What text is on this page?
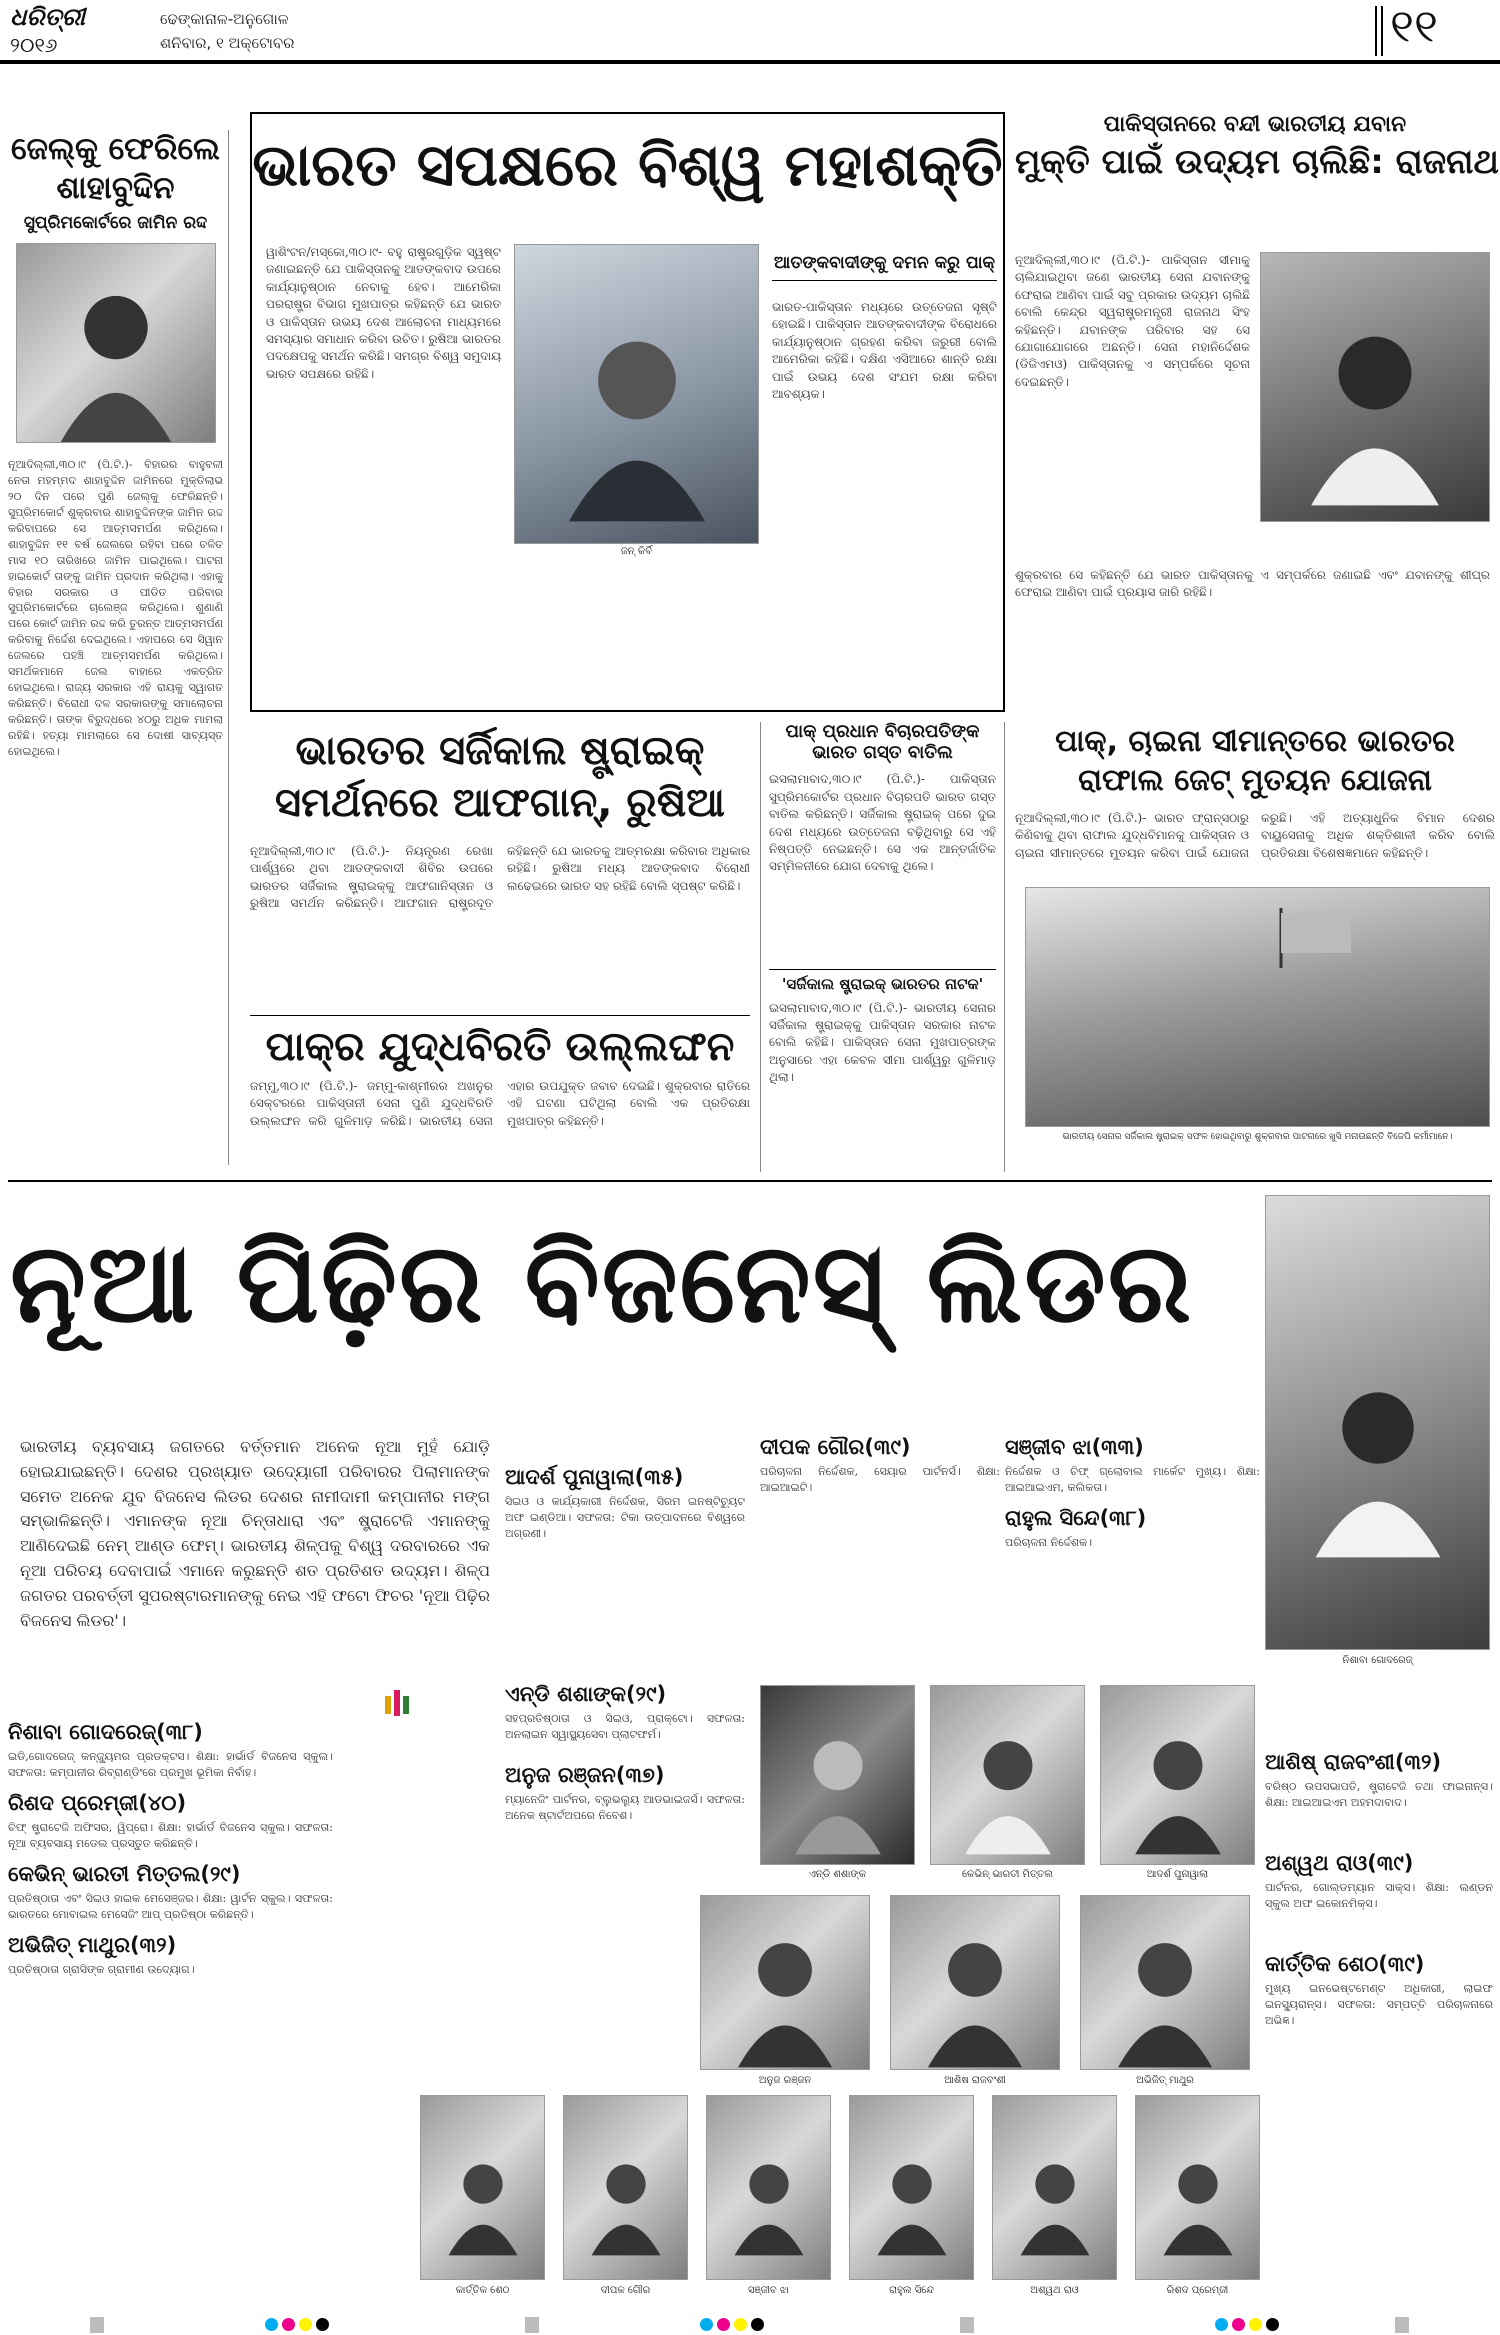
ଧରିତ୍ରୀ
୨୦୧୬
ଢେଙ୍କାନାଳ-ଅନୁଗୋଳ
ଶନିବାର, ୧ ଅକ୍ଟୋବର	୧୧
ଜେଲ୍‌କୁ ଫେରିଲେ ଶାହାବୁଦ୍ଦିନ
ସୁପ୍ରିମକୋର୍ଟରେ ଜାମିନ ରଦ୍ଦ
ନୂଆଦିଲ୍ଲୀ,୩୦।୯ (ପି.ଟି.)- ବିହାରର ବାହୁବଳୀ ନେତା ମହମ୍ମଦ ଶାହାବୁଦ୍ଦିନ ଜାମିନରେ ମୁକ୍ତିଲାଭ ୨୦ ଦିନ ପରେ ପୁଣି ଜେଲ୍‌କୁ ଫେରିଛନ୍ତି। ସୁପ୍ରିମକୋର୍ଟ ଶୁକ୍ରବାର ଶାହାବୁଦ୍ଦିନଙ୍କ ଜାମିନ ରଦ୍ଦ କରିବାପରେ ସେ ଆତ୍ମସମର୍ପଣ କରିଥିଲେ। ଶାହାବୁଦ୍ଦିନ ୧୧ ବର୍ଷ ଜେଲରେ ରହିବା ପରେ ଚଳିତ ମାସ ୧୦ ତାରିଖରେ ଜାମିନ ପାଇଥିଲେ। ପାଟନା ହାଇକୋର୍ଟ ତାଙ୍କୁ ଜାମିନ ପ୍ରଦାନ କରିଥିଲା। ଏହାକୁ ବିହାର ସରକାର ଓ ପୀଡିତ ପରିବାର ସୁପ୍ରିମକୋର୍ଟରେ ଚାଲେଞ୍ଜ କରିଥିଲେ। ଶୁଣାଣି ପରେ କୋର୍ଟ ଜାମିନ ରଦ୍ଦ କରି ତୁରନ୍ତ ଆତ୍ମସମର୍ପଣ କରିବାକୁ ନିର୍ଦ୍ଦେଶ ଦେଇଥିଲେ। ଏହାପରେ ସେ ସିୱାନ ଜେଲରେ ପହଞ୍ଚି ଆତ୍ମସମର୍ପଣ କରିଥିଲେ। ସମର୍ଥକମାନେ ଜେଲ ବାହାରେ ଏକତ୍ରିତ ହୋଇଥିଲେ। ରାଜ୍ୟ ସରକାର ଏହି ରାୟକୁ ସ୍ୱାଗତ କରିଛନ୍ତି। ବିରୋଧୀ ଦଳ ସରକାରଙ୍କୁ ସମାଲୋଚନା କରିଛନ୍ତି। ତାଙ୍କ ବିରୁଦ୍ଧରେ ୪୦ରୁ ଅଧିକ ମାମଲା ରହିଛି। ହତ୍ୟା ମାମଲାରେ ସେ ଦୋଷୀ ସାବ୍ୟସ୍ତ ହୋଇଥିଲେ।
ଭାରତ ସପକ୍ଷରେ ବିଶ୍ୱ ମହାଶକ୍ତି
ୱାଶିଂଟନ/ମସ୍କୋ,୩୦।୯- ବହୁ ରାଷ୍ଟ୍ରଗୁଡ଼ିକ ସ୍ୱଷ୍ଟ ଜଣାଇଛନ୍ତି ଯେ ପାକିସ୍ତାନକୁ ଆତଙ୍କବାଦ ଉପରେ କାର୍ଯ୍ୟାନୁଷ୍ଠାନ ନେବାକୁ ହେବ। ଆମେରିକା ପରରାଷ୍ଟ୍ର ବିଭାଗ ମୁଖପାତ୍ର କହିଛନ୍ତି ଯେ ଭାରତ ଓ ପାକିସ୍ତାନ ଉଭୟ ଦେଶ ଆଲୋଚନା ମାଧ୍ୟମରେ ସମସ୍ୟାର ସମାଧାନ କରିବା ଉଚିତ। ରୁଷିଆ ଭାରତର ପଦକ୍ଷେପକୁ ସମର୍ଥନ କରିଛି। ସମଗ୍ର ବିଶ୍ୱ ସମୁଦାୟ ଭାରତ ସପକ୍ଷରେ ରହିଛି।
ଜନ୍ କିର୍ବି
ଆତଙ୍କବାଦୀଙ୍କୁ ଦମନ କରୁ ପାକ୍
ଭାରତ-ପାକିସ୍ତାନ ମଧ୍ୟରେ ଉତ୍ତେଜନା ସୃଷ୍ଟି ହୋଇଛି। ପାକିସ୍ତାନ ଆତଙ୍କବାଦୀଙ୍କ ବିରୋଧରେ କାର୍ଯ୍ୟାନୁଷ୍ଠାନ ଗ୍ରହଣ କରିବା ଜରୁରୀ ବୋଲି ଆମେରିକା କହିଛି। ଦକ୍ଷିଣ ଏସିଆରେ ଶାନ୍ତି ରକ୍ଷା ପାଇଁ ଉଭୟ ଦେଶ ସଂଯମ ରକ୍ଷା କରିବା ଆବଶ୍ୟକ।
ପାକିସ୍ତାନରେ ବନ୍ଦୀ ଭାରତୀୟ ଯବାନ
ମୁକ୍ତି ପାଇଁ ଉଦ୍ୟମ ଚାଲିଛି: ରାଜନାଥ
ନୂଆଦିଲ୍ଲୀ,୩୦।୯ (ପି.ଟି.)- ପାକିସ୍ତାନ ସୀମାକୁ ଚାଲିଯାଇଥିବା ଜଣେ ଭାରତୀୟ ସେନା ଯବାନଙ୍କୁ ଫେରାଇ ଆଣିବା ପାଇଁ ସବୁ ପ୍ରକାର ଉଦ୍ୟମ ଚାଲିଛି ବୋଲି କେନ୍ଦ୍ର ସ୍ୱରାଷ୍ଟ୍ରମନ୍ତ୍ରୀ ରାଜନାଥ ସିଂହ କହିଛନ୍ତି। ଯବାନଙ୍କ ପରିବାର ସହ ସେ ଯୋଗାଯୋଗରେ ଅଛନ୍ତି। ସେନା ମହାନିର୍ଦ୍ଦେଶକ (ଡିଜିଏମଓ) ପାକିସ୍ତାନକୁ ଏ ସମ୍ପର୍କରେ ସୂଚନା ଦେଇଛନ୍ତି।
ଶୁକ୍ରବାର ସେ କହିଛନ୍ତି ଯେ ଭାରତ ପାକିସ୍ତାନକୁ ଏ ସମ୍ପର୍କରେ ଜଣାଇଛି ଏବଂ ଯବାନଙ୍କୁ ଶୀଘ୍ର ଫେରାଇ ଆଣିବା ପାଇଁ ପ୍ରୟାସ ଜାରି ରହିଛି।
ଭାରତର ସର୍ଜିକାଲ ଷ୍ଟ୍ରାଇକ୍ ସମର୍ଥନରେ ଆଫଗାନ୍, ରୁଷିଆ
ନୂଆଦିଲ୍ଲୀ,୩୦।୯ (ପି.ଟି.)- ନିୟନ୍ତ୍ରଣ ରେଖା ପାର୍ଶ୍ୱରେ ଥିବା ଆତଙ୍କବାଦୀ ଶିବିର ଉପରେ ଭାରତର ସର୍ଜିକାଲ ଷ୍ଟ୍ରାଇକ୍‌କୁ ଆଫଗାନିସ୍ତାନ ଓ ରୁଷିଆ ସମର୍ଥନ କରିଛନ୍ତି। ଆଫଗାନ ରାଷ୍ଟ୍ରଦୂତ କହିଛନ୍ତି ଯେ ଭାରତକୁ ଆତ୍ମରକ୍ଷା କରିବାର ଅଧିକାର ରହିଛି। ରୁଷିଆ ମଧ୍ୟ ଆତଙ୍କବାଦ ବିରୋଧୀ ଲଢେଇରେ ଭାରତ ସହ ରହିଛି ବୋଲି ସ୍ପଷ୍ଟ କରିଛି।
ପାକ୍‌ର ଯୁଦ୍ଧବିରତି ଉଲ୍ଲଙ୍ଘନ
ଜମ୍ମୁ,୩୦।୯ (ପି.ଟି.)- ଜମ୍ମୁ-କାଶ୍ମୀରର ଅଖନୁର ସେକ୍ଟରରେ ପାକିସ୍ତାନୀ ସେନା ପୁଣି ଯୁଦ୍ଧବିରତି ଉଲ୍ଲଙ୍ଘନ କରି ଗୁଳିମାଡ଼ କରିଛି। ଭାରତୀୟ ସେନା ଏହାର ଉପଯୁକ୍ତ ଜବାବ ଦେଇଛି। ଶୁକ୍ରବାର ରାତିରେ ଏହି ଘଟଣା ଘଟିଥିଲା ବୋଲି ଏକ ପ୍ରତିରକ୍ଷା ମୁଖପାତ୍ର କହିଛନ୍ତି।
ପାକ୍ ପ୍ରଧାନ ବିଚାରପତିଙ୍କ ଭାରତ ଗସ୍ତ ବାତିଲ
ଇସଲାମାବାଦ,୩୦।୯ (ପି.ଟି.)- ପାକିସ୍ତାନ ସୁପ୍ରିମକୋର୍ଟର ପ୍ରଧାନ ବିଚାରପତି ଭାରତ ଗସ୍ତ ବାତିଲ କରିଛନ୍ତି। ସର୍ଜିକାଲ ଷ୍ଟ୍ରାଇକ୍ ପରେ ଦୁଇ ଦେଶ ମଧ୍ୟରେ ଉତ୍ତେଜନା ବଢ଼ିଥିବାରୁ ସେ ଏହି ନିଷ୍ପତ୍ତି ନେଇଛନ୍ତି। ସେ ଏକ ଆନ୍ତର୍ଜାତିକ ସମ୍ମିଳନୀରେ ଯୋଗ ଦେବାକୁ ଥିଲେ।
'ସର୍ଜିକାଲ ଷ୍ଟ୍ରାଇକ୍ ଭାରତର ନାଟକ'
ଇସଲାମାବାଦ,୩୦।୯ (ପି.ଟି.)- ଭାରତୀୟ ସେନାର ସର୍ଜିକାଲ ଷ୍ଟ୍ରାଇକ୍‌କୁ ପାକିସ୍ତାନ ସରକାର ନାଟକ ବୋଲି କହିଛି। ପାକିସ୍ତାନ ସେନା ମୁଖପାତ୍ରଙ୍କ ଅନୁସାରେ ଏହା କେବଳ ସୀମା ପାର୍ଶ୍ୱରୁ ଗୁଳିମାଡ଼ ଥିଲା।
ପାକ୍, ଚାଇନା ସୀମାନ୍ତରେ ଭାରତର ରାଫାଲ ଜେଟ୍ ମୁତୟନ ଯୋଜନା
ନୂଆଦିଲ୍ଲୀ,୩୦।୯ (ପି.ଟି.)- ଭାରତ ଫ୍ରାନ୍ସଠାରୁ କିଣିବାକୁ ଥିବା ରାଫାଲ ଯୁଦ୍ଧବିମାନକୁ ପାକିସ୍ତାନ ଓ ଚାଇନା ସୀମାନ୍ତରେ ମୁତୟନ କରିବା ପାଇଁ ଯୋଜନା କରୁଛି। ଏହି ଅତ୍ୟାଧୁନିକ ବିମାନ ଦେଶର ବାୟୁସେନାକୁ ଅଧିକ ଶକ୍ତିଶାଳୀ କରିବ ବୋଲି ପ୍ରତିରକ୍ଷା ବିଶେଷଜ୍ଞମାନେ କହିଛନ୍ତି।
ଭାରତୀୟ ସେନାର ସର୍ଜିକାଲ ଷ୍ଟ୍ରାଇକ୍ ସଫଳ ହୋଇଥିବାରୁ ଶୁକ୍ରବାର ପାଟନାରେ ଖୁସି ମନାଉଛନ୍ତି ବିଜେପି କର୍ମୀମାନେ।
ନୂଆ ପିଢ଼ିର ବିଜନେସ୍ ଲିଡର
ନିଶାବା ଗୋଦରେଜ୍
ଭାରତୀୟ ବ୍ୟବସାୟ ଜଗତରେ ବର୍ତ୍ତମାନ ଅନେକ ନୂଆ ମୁହଁ ଯୋଡ଼ି ହୋଇଯାଇଛନ୍ତି। ଦେଶର ପ୍ରଖ୍ୟାତ ଉଦ୍ୟୋଗୀ ପରିବାରର ପିଲାମାନଙ୍କ ସମେତ ଅନେକ ଯୁବ ବିଜନେସ ଲିଡର ଦେଶର ନାମୀଦାମୀ କମ୍ପାନୀର ମଙ୍ଗ ସମ୍ଭାଳିଛନ୍ତି। ଏମାନଙ୍କ ନୂଆ ଚିନ୍ତାଧାରା ଏବଂ ଷ୍ଟ୍ରାଟେଜି ଏମାନଙ୍କୁ ଆଣିଦେଇଛି ନେମ୍ ଆଣ୍ଡ ଫେମ୍। ଭାରତୀୟ ଶିଳ୍ପକୁ ବିଶ୍ୱ ଦରବାରରେ ଏକ ନୂଆ ପରିଚୟ ଦେବାପାଇଁ ଏମାନେ କରୁଛନ୍ତି ଶତ ପ୍ରତିଶତ ଉଦ୍ୟମ। ଶିଳ୍ପ ଜଗତର ପରବର୍ତ୍ତୀ ସୁପରଷ୍ଟାରମାନଙ୍କୁ ନେଇ ଏହି ଫଟୋ ଫିଚର 'ନୂଆ ପିଢ଼ିର ବିଜନେସ ଲିଡର'।
ନିଶାବା ଗୋଦରେଜ୍(୩୮)
ଇଡି,ଗୋଦରେଜ୍ କନ୍‌ଜ୍ୟୁମର ପ୍ରଡକ୍ଟସ। ଶିକ୍ଷା: ହାର୍ଭାର୍ଡ ବିଜନେସ ସ୍କୁଲ। ସଫଳତା: କମ୍ପାନୀର ରିବ୍ରାଣ୍ଡିଂରେ ପ୍ରମୁଖ ଭୂମିକା ନିର୍ବାହ।
ରିଶଦ ପ୍ରେମ୍‌ଜୀ(୪୦)
ଚିଫ୍ ଷ୍ଟ୍ରାଟେଜି ଅଫିସର, ୱିପ୍ରୋ। ଶିକ୍ଷା: ହାର୍ଭାର୍ଡ ବିଜନେସ ସ୍କୁଲ। ସଫଳତା: ନୂଆ ବ୍ୟବସାୟ ମଡେଲ ପ୍ରସ୍ତୁତ କରିଛନ୍ତି।
କେଭିନ୍ ଭାରତୀ ମିତ୍ତଲ(୨୯)
ପ୍ରତିଷ୍ଠାତା ଏବଂ ସିଇଓ ହାଇକ ମେସେଞ୍ଜର। ଶିକ୍ଷା: ୱାର୍ଟନ ସ୍କୁଲ। ସଫଳତା: ଭାରତରେ ମୋବାଇଲ ମେସେଜିଂ ଆପ୍ ପ୍ରତିଷ୍ଠା କରିଛନ୍ତି।
ଅଭିଜିତ୍ ମାଥୁର(୩୨)
ପ୍ରତିଷ୍ଠାତା ଗ୍ରାସିଙ୍କ ଗ୍ରାମୀଣ ଉଦ୍ୟୋଗ।
ଆଦର୍ଶ ପୁନାୱାଲା(୩୫)
ସିଇଓ ଓ କାର୍ଯ୍ୟକାରୀ ନିର୍ଦ୍ଦେଶକ, ସିରମ ଇନଷ୍ଟିଚ୍ୟୁଟ ଅଫ ଇଣ୍ଡିଆ। ସଫଳତା: ଟିକା ଉତ୍ପାଦନରେ ବିଶ୍ୱରେ ଅଗ୍ରଣୀ।
ଏନ୍‌ଡି ଶଶାଙ୍କ(୨୯)
ସହପ୍ରତିଷ୍ଠାତା ଓ ସିଇଓ, ପ୍ରାକ୍ଟୋ। ସଫଳତା: ଅନଲାଇନ ସ୍ୱାସ୍ଥ୍ୟସେବା ପ୍ଲାଟଫର୍ମ।
ଅନୁଜ ରଞ୍ଜନ(୩୭)
ମ୍ୟାନେଜିଂ ପାର୍ଟନର, ବ୍ଲୁଭଲ୍ୟୁ ଆଡଭାଇଜର୍ସ। ସଫଳତା: ଅନେକ ଷ୍ଟାର୍ଟଅପରେ ନିବେଶ।
ଦୀପକ ଗୌର(୩୯)
ପରିଚାଳନା ନିର୍ଦ୍ଦେଶକ, ସେୟାର ପାର୍ଟନର୍ସ। ଶିକ୍ଷା: ଆଇଆଇଟି।
ସଞ୍ଜୀବ ଝା(୩୩)
ନିର୍ଦ୍ଦେଶକ ଓ ଚିଫ୍ ଗ୍ଲୋବାଲ ମାର୍କେଟ ମୁଖ୍ୟ। ଶିକ୍ଷା: ଆଇଆଇଏମ, କଲିକତା।
ରାହୁଲ ସିନ୍ଦେ(୩୮)
ପରିଚାଳନା ନିର୍ଦ୍ଦେଶକ।
ଆଶିଷ୍ ରାଜବଂଶୀ(୩୨)
ବରିଷ୍ଠ ଉପସଭାପତି, ଷ୍ଟ୍ରାଟେଜି ତଥା ଫାଇନାନ୍ସ। ଶିକ୍ଷା: ଆଇଆଇଏମ ଅହମଦାବାଦ।
ଅଶ୍ୱଥ ରାଓ(୩୯)
ପାର୍ଟନର, ଗୋଲ୍ଡମ୍ୟାନ ସାକ୍ସ। ଶିକ୍ଷା: ଲଣ୍ଡନ ସ୍କୁଲ ଅଫ ଇକୋନମିକ୍ସ।
କାର୍ତ୍ତିକ ଶେଠ(୩୯)
ମୁଖ୍ୟ ଇନଭେଷ୍ଟମେଣ୍ଟ ଅଧିକାରୀ, ଲାଇଫ ଇନସ୍ୟୁରାନ୍ସ। ସଫଳତା: ସମ୍ପତ୍ତି ପରିଚାଳନାରେ ଅଭିଜ୍ଞ।
ଏନ୍‌ଡି ଶଶାଙ୍କ	କେଭିନ୍ ଭାରତୀ ମିତ୍ତଲ	ଆଦର୍ଶ ପୁନାୱାଲା
ଅନୁଜ ରଞ୍ଜନ	ଆଶିଷ ରାଜବଂଶୀ	ଅଭିଜିତ୍ ମାଥୁର
କାର୍ତ୍ତିକ ଶେଠ	ଦୀପକ ଗୌର	ସଞ୍ଜୀବ ଝା	ରାହୁଲ ସିନ୍ଦେ	ଅଶ୍ୱଥ ରାଓ	ରିଶଦ ପ୍ରେମ୍‌ଜୀ
